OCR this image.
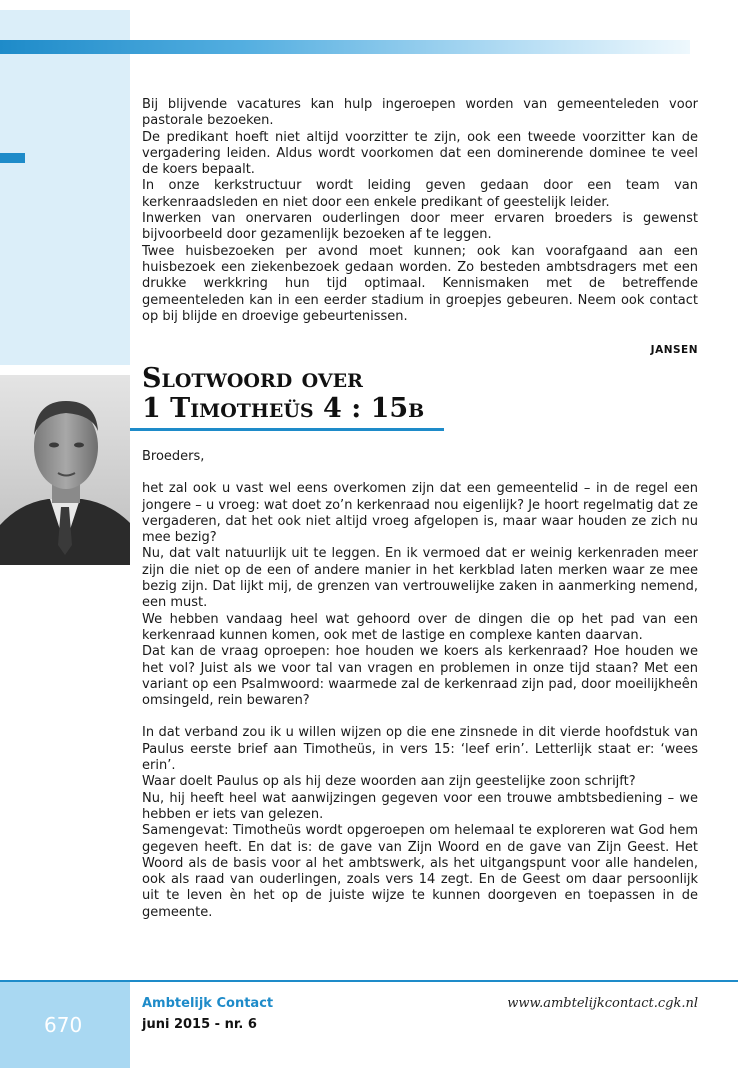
Bij blijvende vacatures kan hulp ingeroepen worden van gemeenteleden voor pastorale bezoeken.

De predikant hoeft niet altijd voorzitter te zijn, ook een tweede voorzitter kan de vergadering leiden. Aldus wordt voorkomen dat een dominerende dominee te veel de koers bepaalt.

In onze kerkstructuur wordt leiding geven gedaan door een team van kerkenraadsleden en niet door een enkele predikant of geestelijk leider.

Inwerken van onervaren ouderlingen door meer ervaren broeders is gewenst bijvoorbeeld door gezamenlijk bezoeken af te leggen.

Twee huisbezoeken per avond moet kunnen; ook kan voorafgaand aan een huisbezoek een ziekenbezoek gedaan worden. Zo besteden ambtsdragers met een drukke werkkring hun tijd optimaal. Kennismaken met de betreffende gemeenteleden kan in een eerder stadium in groepjes gebeuren. Neem ook contact op bij blijde en droevige gebeurtenissen.

JANSEN
Slotwoord over
1 Timotheüs 4 : 15b

Broeders,

het zal ook u vast wel eens overkomen zijn dat een gemeentelid – in de regel een jongere – u vroeg: wat doet zo’n kerkenraad nou eigenlijk? Je hoort regelmatig dat ze vergaderen, dat het ook niet altijd vroeg afgelopen is, maar waar houden ze zich nu mee bezig?

Nu, dat valt natuurlijk uit te leggen. En ik vermoed dat er weinig kerkenraden meer zijn die niet op de een of andere manier in het kerkblad laten merken waar ze mee bezig zijn. Dat lijkt mij, de grenzen van vertrouwelijke zaken in aanmerking nemend, een must.

We hebben vandaag heel wat gehoord over de dingen die op het pad van een kerkenraad kunnen komen, ook met de lastige en complexe kanten daarvan.

Dat kan de vraag oproepen: hoe houden we koers als kerkenraad? Hoe houden we het vol? Juist als we voor tal van vragen en problemen in onze tijd staan? Met een variant op een Psalmwoord: waarmede zal de kerkenraad zijn pad, door moeilijkheên omsingeld, rein bewaren?

In dat verband zou ik u willen wijzen op die ene zinsnede in dit vierde hoofdstuk van Paulus eerste brief aan Timotheüs, in vers 15: ‘leef erin’. Letterlijk staat er: ‘wees erin’.

Waar doelt Paulus op als hij deze woorden aan zijn geestelijke zoon schrijft?

Nu, hij heeft heel wat aanwijzingen gegeven voor een trouwe ambtsbediening – we hebben er iets van gelezen.

Samengevat: Timotheüs wordt opgeroepen om helemaal te exploreren wat God hem gegeven heeft. En dat is: de gave van Zijn Woord en de gave van Zijn Geest. Het Woord als de basis voor al het ambtswerk, als het uitgangspunt voor alle handelen, ook als raad van ouderlingen, zoals vers 14 zegt. En de Geest om daar persoonlijk uit te leven èn het op de juiste wijze te kunnen doorgeven en toepassen in de gemeente.

670
Ambtelijk Contact
juni 2015 - nr. 6
www.ambtelijkcontact.cgk.nl
